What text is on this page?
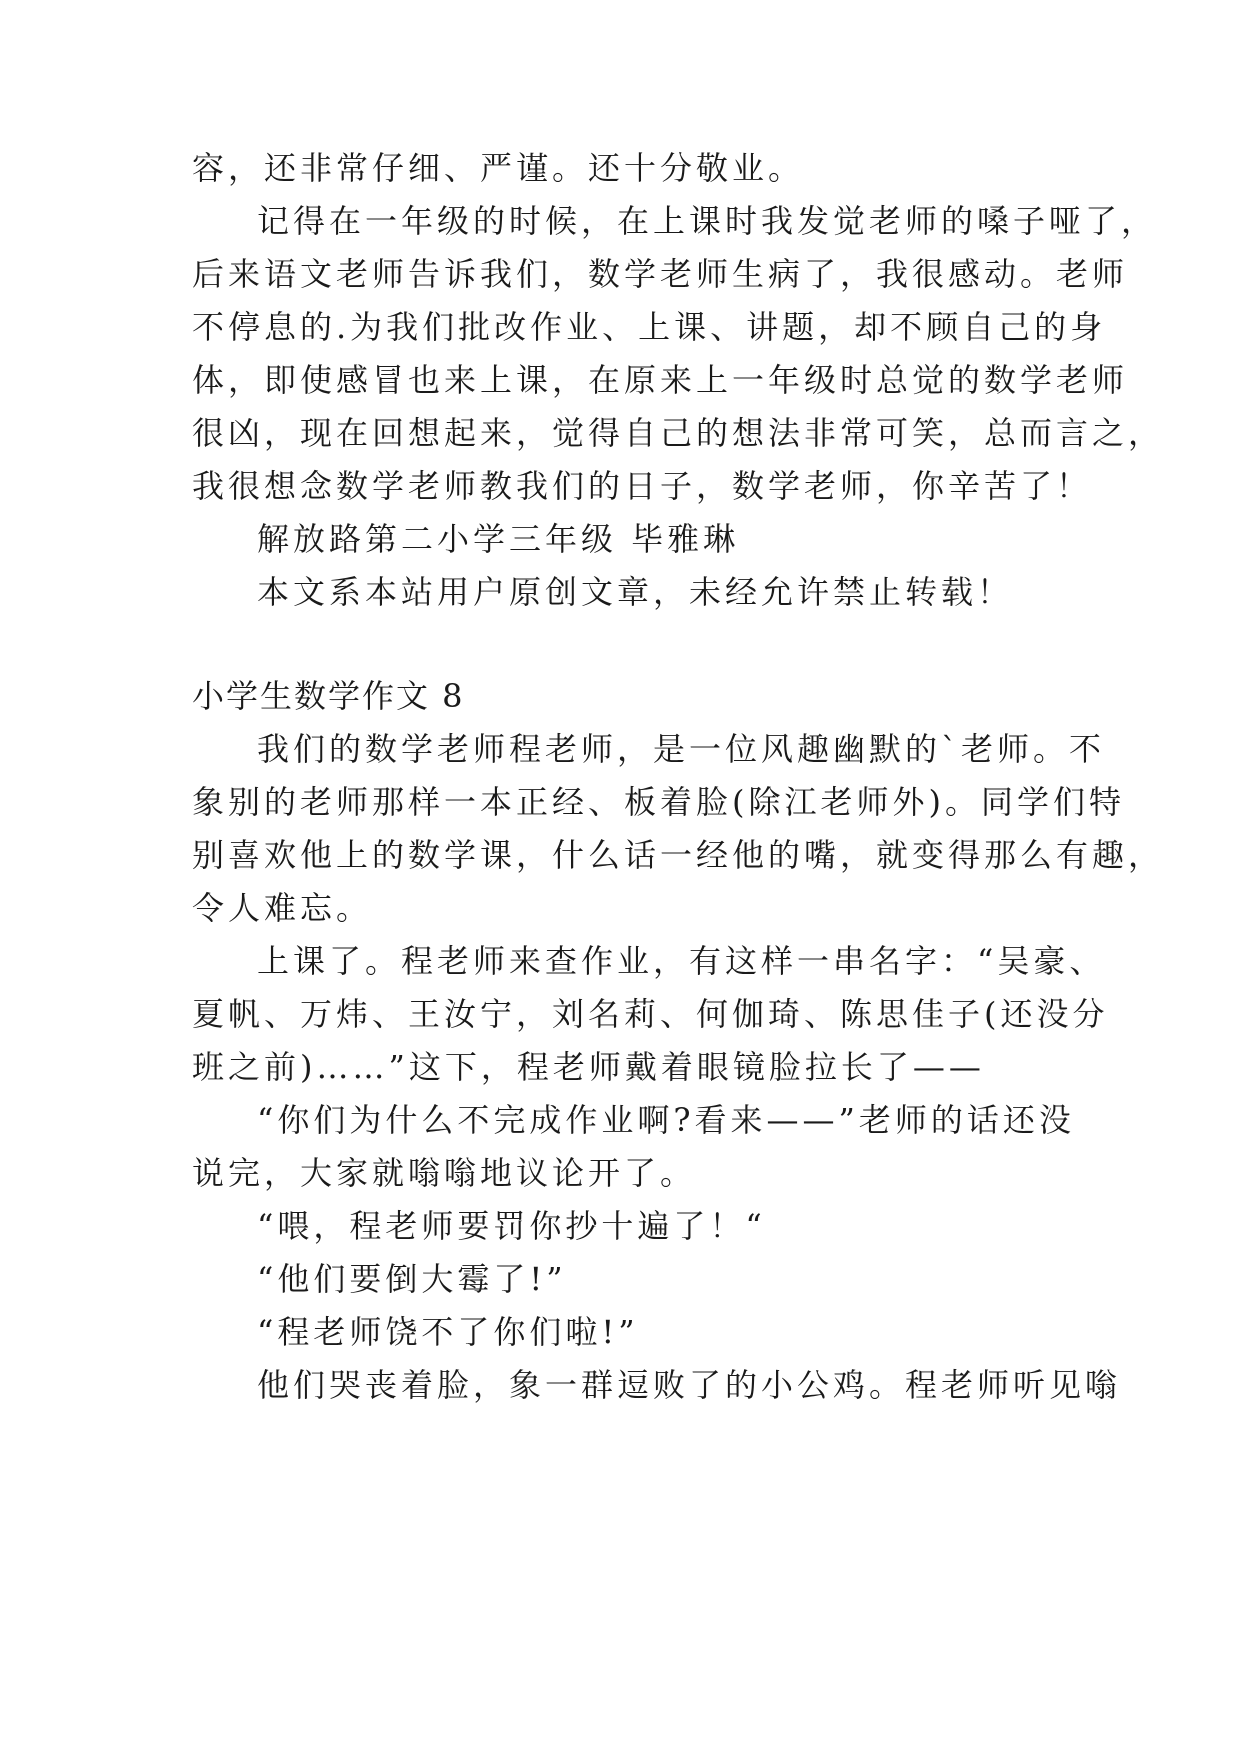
容，还非常仔细、严谨。还十分敬业。
记得在一年级的时候，在上课时我发觉老师的嗓子哑了，
后来语文老师告诉我们，数学老师生病了，我很感动。老师
不停息的.为我们批改作业、上课、讲题，却不顾自己的身
体，即使感冒也来上课，在原来上一年级时总觉的数学老师
很凶，现在回想起来，觉得自己的想法非常可笑，总而言之，
我很想念数学老师教我们的日子，数学老师，你辛苦了！
解放路第二小学三年级 毕雅琳
本文系本站用户原创文章，未经允许禁止转载！
小学生数学作文 8
我们的数学老师程老师，是一位风趣幽默的`老师。不
象别的老师那样一本正经、板着脸(除江老师外)。同学们特
别喜欢他上的数学课，什么话一经他的嘴，就变得那么有趣，
令人难忘。
上课了。程老师来查作业，有这样一串名字：“吴豪、
夏帆、万炜、王汝宁，刘名莉、何伽琦、陈思佳子(还没分
班之前)……”这下，程老师戴着眼镜脸拉长了——
“你们为什么不完成作业啊?看来——”老师的话还没
说完，大家就嗡嗡地议论开了。
“喂，程老师要罚你抄十遍了！“
“他们要倒大霉了!”
“程老师饶不了你们啦!”
他们哭丧着脸，象一群逗败了的小公鸡。程老师听见嗡
